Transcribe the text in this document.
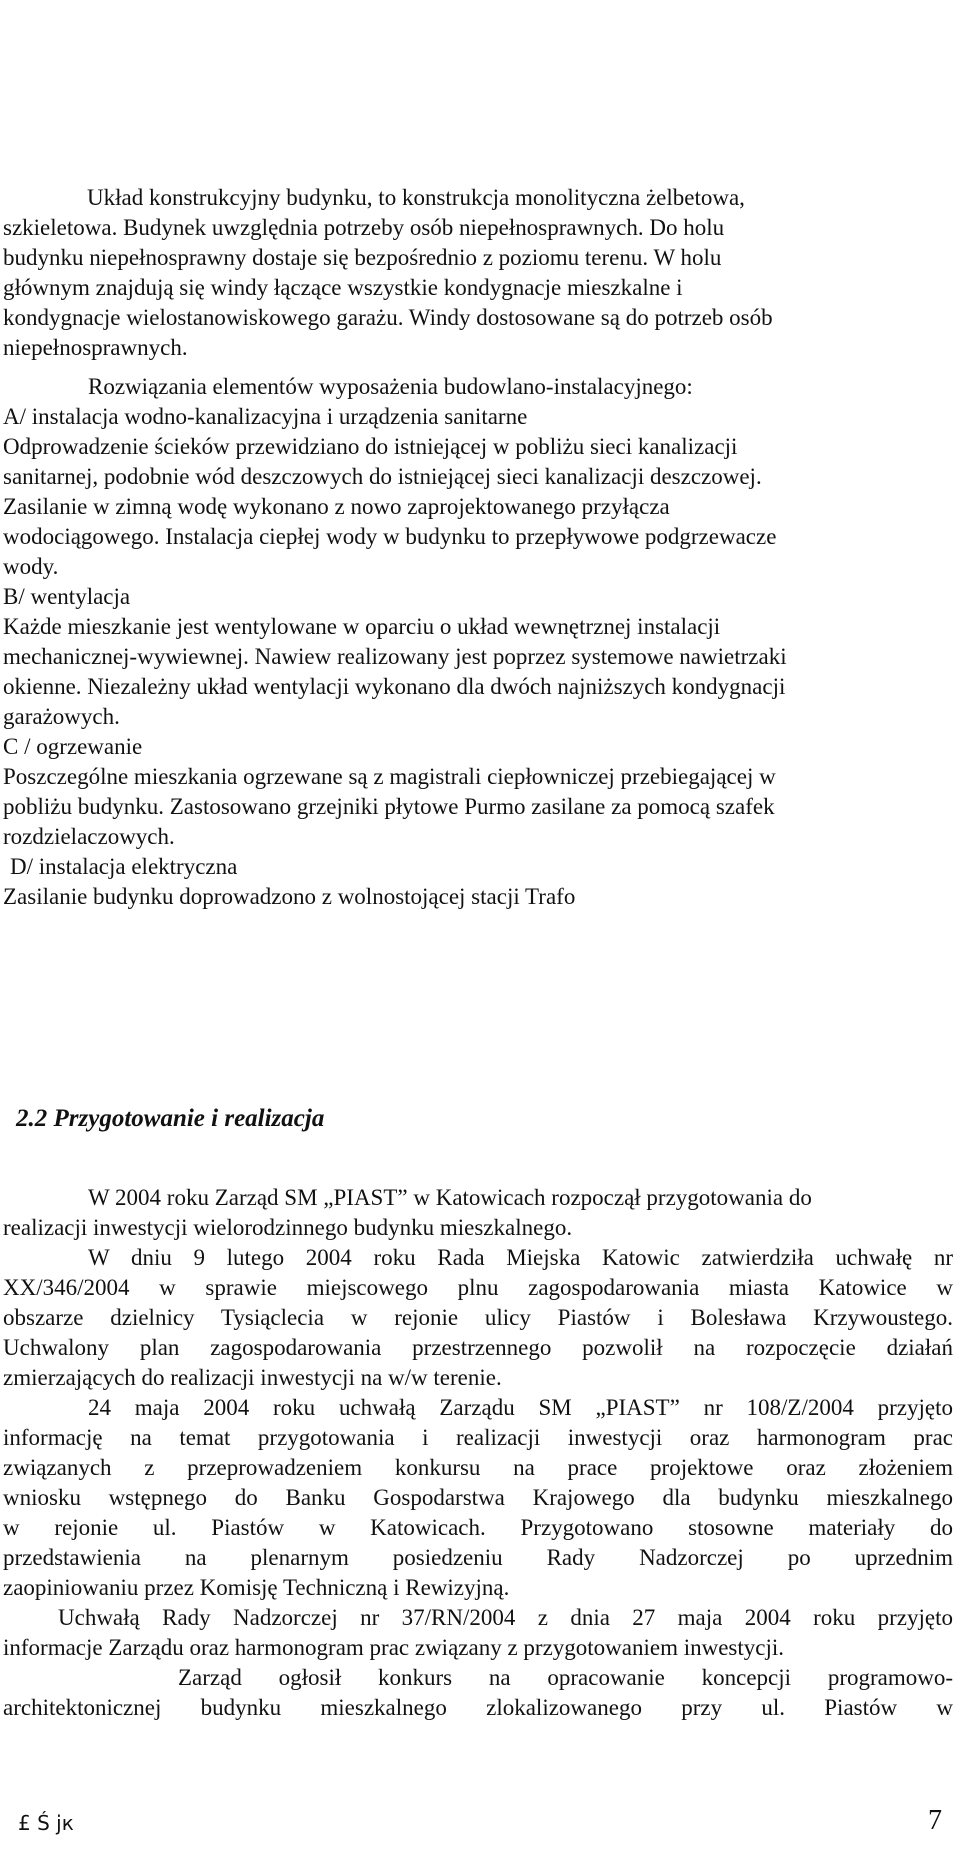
Układ konstrukcyjny budynku, to konstrukcja monolityczna żelbetowa,
szkieletowa. Budynek uwzględnia potrzeby osób niepełnosprawnych. Do holu
budynku niepełnosprawny dostaje się bezpośrednio z poziomu terenu. W holu
głównym znajdują się windy łączące wszystkie kondygnacje mieszkalne i
kondygnacje wielostanowiskowego garażu. Windy dostosowane są do potrzeb osób
niepełnosprawnych.
Rozwiązania elementów wyposażenia budowlano-instalacyjnego:
A/ instalacja wodno-kanalizacyjna i urządzenia sanitarne
Odprowadzenie ścieków przewidziano do istniejącej w pobliżu sieci kanalizacji
sanitarnej, podobnie wód deszczowych do istniejącej sieci kanalizacji deszczowej.
Zasilanie w zimną wodę wykonano z nowo zaprojektowanego przyłącza
wodociągowego. Instalacja ciepłej wody w budynku to przepływowe podgrzewacze
wody.
B/ wentylacja
Każde mieszkanie jest wentylowane w oparciu o układ wewnętrznej instalacji
mechanicznej-wywiewnej. Nawiew realizowany jest poprzez systemowe nawietrzaki
okienne. Niezależny układ wentylacji wykonano dla dwóch najniższych kondygnacji
garażowych.
C / ogrzewanie
Poszczególne mieszkania ogrzewane są z magistrali ciepłowniczej przebiegającej w
pobliżu budynku. Zastosowano grzejniki płytowe Purmo zasilane za pomocą szafek
rozdzielaczowych.
D/ instalacja elektryczna
Zasilanie budynku doprowadzono z wolnostojącej stacji Trafo
2.2 Przygotowanie i realizacja
W 2004 roku Zarząd SM „PIAST” w Katowicach rozpoczął przygotowania do
realizacji inwestycji wielorodzinnego budynku mieszkalnego.
W dniu 9 lutego 2004 roku Rada Miejska Katowic zatwierdziła uchwałę nr
XX/346/2004 w sprawie miejscowego plnu zagospodarowania miasta Katowice w
obszarze dzielnicy Tysiąclecia w rejonie ulicy Piastów i Bolesława Krzywoustego.
Uchwalony plan zagospodarowania przestrzennego pozwolił na rozpoczęcie działań
zmierzających do realizacji inwestycji na w/w terenie.
24 maja 2004 roku uchwałą Zarządu SM „PIAST” nr 108/Z/2004 przyjęto
informację na temat przygotowania i realizacji inwestycji oraz harmonogram prac
związanych z przeprowadzeniem konkursu na prace projektowe oraz złożeniem
wniosku wstępnego do Banku Gospodarstwa Krajowego dla budynku mieszkalnego
w rejonie ul. Piastów w Katowicach. Przygotowano stosowne materiały do
przedstawienia na plenarnym posiedzeniu Rady Nadzorczej po uprzednim
zaopiniowaniu przez Komisję Techniczną i Rewizyjną.
Uchwałą Rady Nadzorczej nr 37/RN/2004 z dnia 27 maja 2004 roku przyjęto
informacje Zarządu oraz harmonogram prac związany z przygotowaniem inwestycji.
Zarząd ogłosił konkurs na opracowanie koncepcji programowo-
architektonicznej budynku mieszkalnego zlokalizowanego przy ul. Piastów w
£ Ś jк	7
